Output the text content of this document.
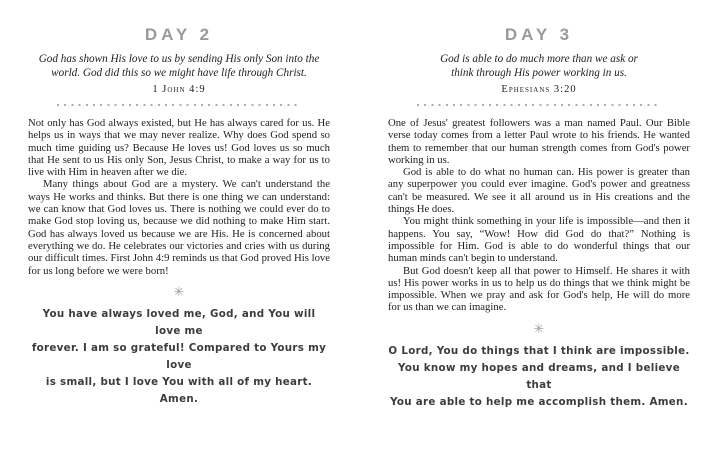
DAY 2
God has shown His love to us by sending His only Son into the
world. God did this so we might have life through Christ.
1 John 4:9

Not only has God always existed, but He has always cared for us. He helps us in ways that we may never realize. Why does God spend so much time guiding us? Because He loves us! God loves us so much that He sent to us His only Son, Jesus Christ, to make a way for us to live with Him in heaven after we die.

Many things about God are a mystery. We can't understand the ways He works and thinks. But there is one thing we can understand: we can know that God loves us. There is nothing we could ever do to make God stop loving us, because we did nothing to make Him start. God has always loved us because we are His. He is concerned about everything we do. He celebrates our victories and cries with us during our difficult times. First John 4:9 reminds us that God proved His love for us long before we were born!

✳
You have always loved me, God, and You will love me
forever. I am so grateful! Compared to Yours my love
is small, but I love You with all of my heart. Amen.
DAY 3
God is able to do much more than we ask or
think through His power working in us.
Ephesians 3:20

One of Jesus' greatest followers was a man named Paul. Our Bible verse today comes from a letter Paul wrote to his friends. He wanted them to remember that our human strength comes from God's power working in us.

God is able to do what no human can. His power is greater than any superpower you could ever imagine. God's power and greatness can't be measured. We see it all around us in His creations and the things He does.

You might think something in your life is impossible—and then it happens. You say, “Wow! How did God do that?” Nothing is impossible for Him. God is able to do wonderful things that our human minds can't begin to understand.

But God doesn't keep all that power to Himself. He shares it with us! His power works in us to help us do things that we think might be impossible. When we pray and ask for God's help, He will do more for us than we can imagine.

✳
O Lord, You do things that I think are impossible.
You know my hopes and dreams, and I believe that
You are able to help me accomplish them. Amen.
